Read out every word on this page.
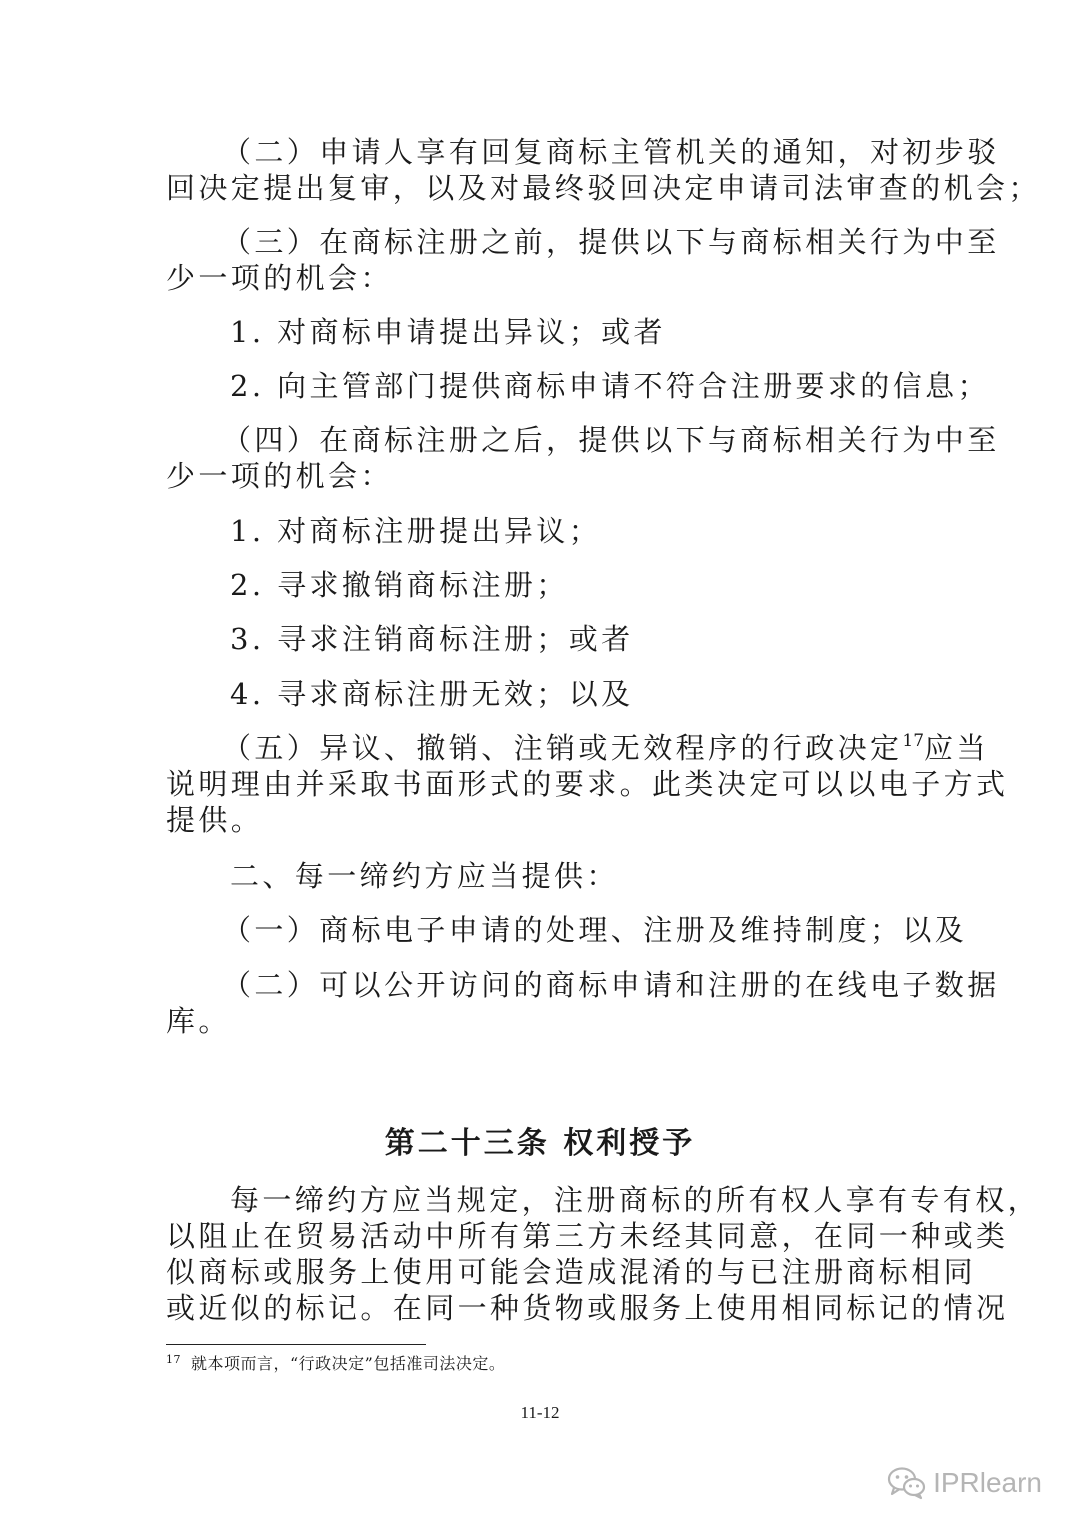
（二）申请人享有回复商标主管机关的通知，对初步驳
回决定提出复审，以及对最终驳回决定申请司法审查的机会；

（三）在商标注册之前，提供以下与商标相关行为中至
少一项的机会：

1. 对商标申请提出异议；或者

2. 向主管部门提供商标申请不符合注册要求的信息；

（四）在商标注册之后，提供以下与商标相关行为中至
少一项的机会：

1. 对商标注册提出异议；

2. 寻求撤销商标注册；

3. 寻求注销商标注册；或者

4. 寻求商标注册无效；以及

（五）异议、撤销、注销或无效程序的行政决定$^{17}$应当
说明理由并采取书面形式的要求。此类决定可以以电子方式
提供。

二、每一缔约方应当提供：

（一）商标电子申请的处理、注册及维持制度；以及

（二）可以公开访问的商标申请和注册的在线电子数据
库。

第二十三条 权利授予

每一缔约方应当规定，注册商标的所有权人享有专有权，
以阻止在贸易活动中所有第三方未经其同意，在同一种或类
似商标或服务上使用可能会造成混淆的与已注册商标相同
或近似的标记。在同一种货物或服务上使用相同标记的情况

$^{17}$ 就本项而言，“行政决定”包括准司法决定。
11-12
IPRlearn
